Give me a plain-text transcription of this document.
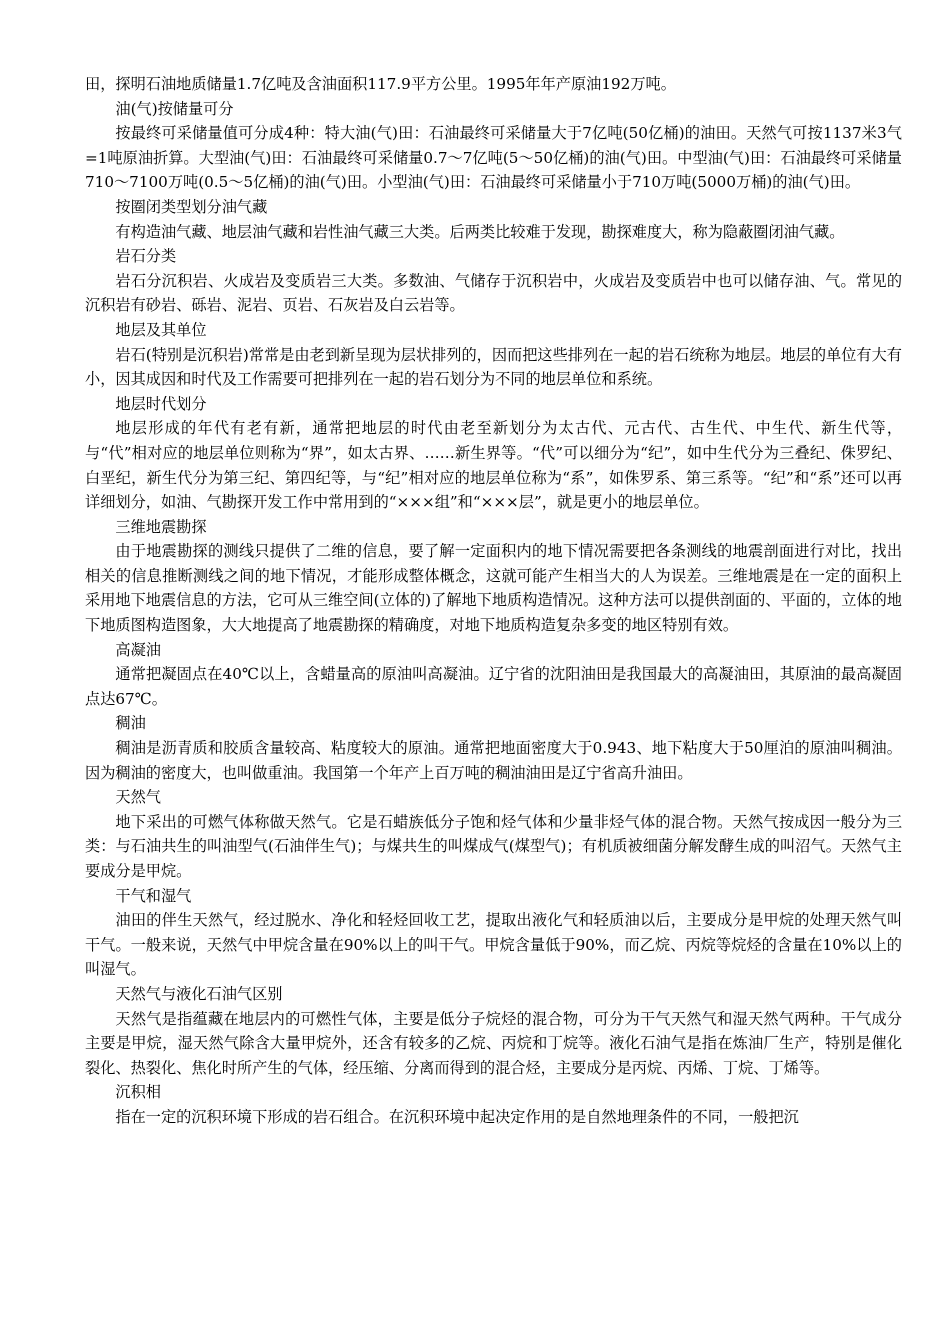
田，探明石油地质储量1.7亿吨及含油面积117.9平方公里。1995年年产原油192万吨。

油(气)按储量可分

按最终可采储量值可分成4种：特大油(气)田：石油最终可采储量大于7亿吨(50亿桶)的油田。天然气可按1137米3气=1吨原油折算。大型油(气)田：石油最终可采储量0.7～7亿吨(5～50亿桶)的油(气)田。中型油(气)田：石油最终可采储量710～7100万吨(0.5～5亿桶)的油(气)田。小型油(气)田：石油最终可采储量小于710万吨(5000万桶)的油(气)田。

按圈闭类型划分油气藏

有构造油气藏、地层油气藏和岩性油气藏三大类。后两类比较难于发现，勘探难度大，称为隐蔽圈闭油气藏。

岩石分类

岩石分沉积岩、火成岩及变质岩三大类。多数油、气储存于沉积岩中，火成岩及变质岩中也可以储存油、气。常见的沉积岩有砂岩、砾岩、泥岩、页岩、石灰岩及白云岩等。

地层及其单位

岩石(特别是沉积岩)常常是由老到新呈现为层状排列的，因而把这些排列在一起的岩石统称为地层。地层的单位有大有小，因其成因和时代及工作需要可把排列在一起的岩石划分为不同的地层单位和系统。

地层时代划分

地层形成的年代有老有新，通常把地层的时代由老至新划分为太古代、元古代、古生代、中生代、新生代等，与“代”相对应的地层单位则称为“界”，如太古界、……新生界等。“代”可以细分为“纪”，如中生代分为三叠纪、侏罗纪、白垩纪，新生代分为第三纪、第四纪等，与“纪”相对应的地层单位称为“系”，如侏罗系、第三系等。“纪”和“系”还可以再详细划分，如油、气勘探开发工作中常用到的“×××组”和“×××层”，就是更小的地层单位。

三维地震勘探

由于地震勘探的测线只提供了二维的信息，要了解一定面积内的地下情况需要把各条测线的地震剖面进行对比，找出相关的信息推断测线之间的地下情况，才能形成整体概念，这就可能产生相当大的人为误差。三维地震是在一定的面积上采用地下地震信息的方法，它可从三维空间(立体的)了解地下地质构造情况。这种方法可以提供剖面的、平面的，立体的地下地质图构造图象，大大地提高了地震勘探的精确度，对地下地质构造复杂多变的地区特别有效。

高凝油

通常把凝固点在40℃以上，含蜡量高的原油叫高凝油。辽宁省的沈阳油田是我国最大的高凝油田，其原油的最高凝固点达67℃。

稠油

稠油是沥青质和胶质含量较高、粘度较大的原油。通常把地面密度大于0.943、地下粘度大于50厘泊的原油叫稠油。因为稠油的密度大，也叫做重油。我国第一个年产上百万吨的稠油油田是辽宁省高升油田。

天然气

地下采出的可燃气体称做天然气。它是石蜡族低分子饱和烃气体和少量非烃气体的混合物。天然气按成因一般分为三类：与石油共生的叫油型气(石油伴生气)；与煤共生的叫煤成气(煤型气)；有机质被细菌分解发酵生成的叫沼气。天然气主要成分是甲烷。

干气和湿气

油田的伴生天然气，经过脱水、净化和轻烃回收工艺，提取出液化气和轻质油以后，主要成分是甲烷的处理天然气叫干气。一般来说，天然气中甲烷含量在90%以上的叫干气。甲烷含量低于90%，而乙烷、丙烷等烷烃的含量在10%以上的叫湿气。

天然气与液化石油气区别

天然气是指蕴藏在地层内的可燃性气体，主要是低分子烷烃的混合物，可分为干气天然气和湿天然气两种。干气成分主要是甲烷，湿天然气除含大量甲烷外，还含有较多的乙烷、丙烷和丁烷等。液化石油气是指在炼油厂生产，特别是催化裂化、热裂化、焦化时所产生的气体，经压缩、分离而得到的混合烃，主要成分是丙烷、丙烯、丁烷、丁烯等。

沉积相

指在一定的沉积环境下形成的岩石组合。在沉积环境中起决定作用的是自然地理条件的不同，一般把沉
